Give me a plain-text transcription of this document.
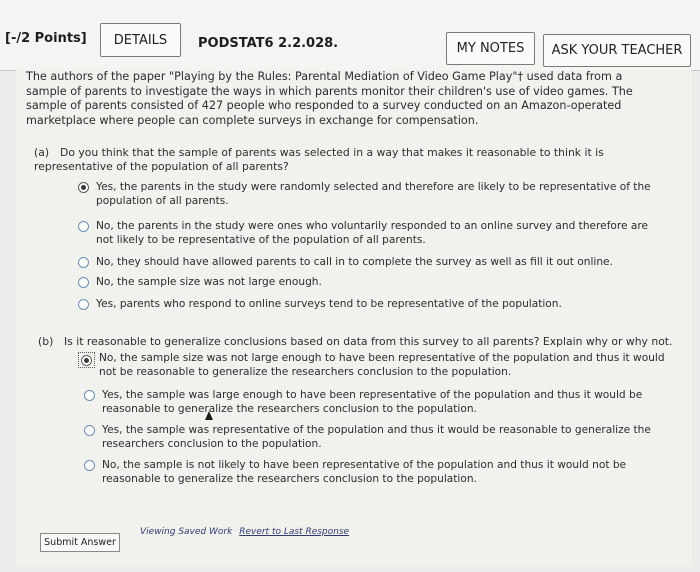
[-/2 Points]	DETAILS	PODSTAT6 2.2.028.	MY NOTES	ASK YOUR TEACHER
The authors of the paper "Playing by the Rules: Parental Mediation of Video Game Play"† used data from a sample of parents to investigate the ways in which parents monitor their children's use of video games. The sample of parents consisted of 427 people who responded to a survey conducted on an Amazon-operated marketplace where people can complete surveys in exchange for compensation.
(a) Do you think that the sample of parents was selected in a way that makes it reasonable to think it is representative of the population of all parents?
Yes, the parents in the study were randomly selected and therefore are likely to be representative of the population of all parents.
No, the parents in the study were ones who voluntarily responded to an online survey and therefore are not likely to be representative of the population of all parents.
No, they should have allowed parents to call in to complete the survey as well as fill it out online.
No, the sample size was not large enough.
Yes, parents who respond to online surveys tend to be representative of the population.
(b) Is it reasonable to generalize conclusions based on data from this survey to all parents? Explain why or why not.
No, the sample size was not large enough to have been representative of the population and thus it would not be reasonable to generalize the researchers conclusion to the population.
Yes, the sample was large enough to have been representative of the population and thus it would be reasonable to generalize the researchers conclusion to the population.
Yes, the sample was representative of the population and thus it would be reasonable to generalize the researchers conclusion to the population.
No, the sample is not likely to have been representative of the population and thus it would not be reasonable to generalize the researchers conclusion to the population.
Viewing Saved Work Revert to Last Response
Submit Answer
